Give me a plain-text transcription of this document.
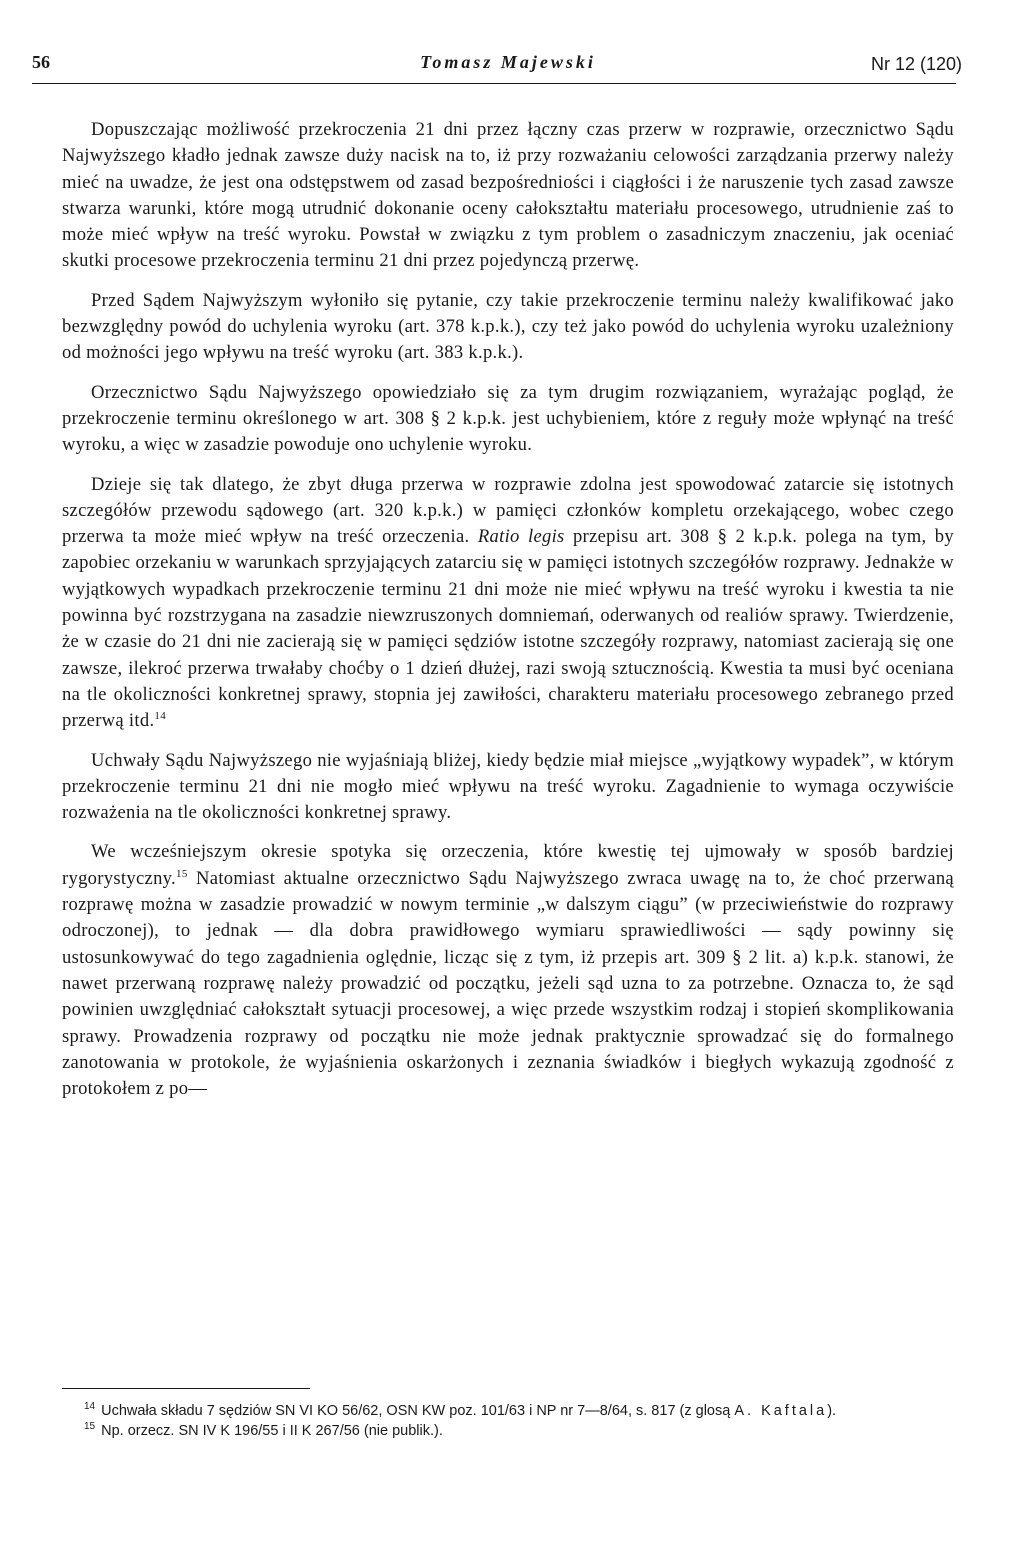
56	Tomasz Majewski	Nr 12 (120)

Dopuszczając możliwość przekroczenia 21 dni przez łączny czas przerw w rozprawie, orzecznictwo Sądu Najwyższego kładło jednak zawsze duży nacisk na to, iż przy rozważaniu celowości zarządzania przerwy należy mieć na uwadze, że jest ona odstępstwem od zasad bezpośredniości i ciągłości i że naruszenie tych zasad zawsze stwarza warunki, które mogą utrudnić dokonanie oceny całokształtu materiału procesowego, utrudnienie zaś to może mieć wpływ na treść wyroku. Powstał w związku z tym problem o zasadniczym znaczeniu, jak oceniać skutki procesowe przekroczenia terminu 21 dni przez pojedynczą przerwę.

Przed Sądem Najwyższym wyłoniło się pytanie, czy takie przekroczenie terminu należy kwalifikować jako bezwzględny powód do uchylenia wyroku (art. 378 k.p.k.), czy też jako powód do uchylenia wyroku uzależniony od możności jego wpływu na treść wyroku (art. 383 k.p.k.).

Orzecznictwo Sądu Najwyższego opowiedziało się za tym drugim rozwiązaniem, wyrażając pogląd, że przekroczenie terminu określonego w art. 308 § 2 k.p.k. jest uchybieniem, które z reguły może wpłynąć na treść wyroku, a więc w zasadzie powoduje ono uchylenie wyroku.

Dzieje się tak dlatego, że zbyt długa przerwa w rozprawie zdolna jest spowodować zatarcie się istotnych szczegółów przewodu sądowego (art. 320 k.p.k.) w pamięci członków kompletu orzekającego, wobec czego przerwa ta może mieć wpływ na treść orzeczenia. Ratio legis przepisu art. 308 § 2 k.p.k. polega na tym, by zapobiec orzekaniu w warunkach sprzyjających zatarciu się w pamięci istotnych szczegółów rozprawy. Jednakże w wyjątkowych wypadkach przekroczenie terminu 21 dni może nie mieć wpływu na treść wyroku i kwestia ta nie powinna być rozstrzygana na zasadzie niewzruszonych domniemań, oderwanych od realiów sprawy. Twierdzenie, że w czasie do 21 dni nie zacierają się w pamięci sędziów istotne szczegóły rozprawy, natomiast zacierają się one zawsze, ilekroć przerwa trwałaby choćby o 1 dzień dłużej, razi swoją sztucznością. Kwestia ta musi być oceniana na tle okoliczności konkretnej sprawy, stopnia jej zawiłości, charakteru materiału procesowego zebranego przed przerwą itd.$^{14}$

Uchwały Sądu Najwyższego nie wyjaśniają bliżej, kiedy będzie miał miejsce „wyjątkowy wypadek”, w którym przekroczenie terminu 21 dni nie mogło mieć wpływu na treść wyroku. Zagadnienie to wymaga oczywiście rozważenia na tle okoliczności konkretnej sprawy.

We wcześniejszym okresie spotyka się orzeczenia, które kwestię tej ujmowały w sposób bardziej rygorystyczny.$^{15}$ Natomiast aktualne orzecznictwo Sądu Najwyższego zwraca uwagę na to, że choć przerwaną rozprawę można w zasadzie prowadzić w nowym terminie „w dalszym ciągu” (w przeciwieństwie do rozprawy odroczonej), to jednak — dla dobra prawidłowego wymiaru sprawiedliwości — sądy powinny się ustosunkowywać do tego zagadnienia oględnie, licząc się z tym, iż przepis art. 309 § 2 lit. a) k.p.k. stanowi, że nawet przerwaną rozprawę należy prowadzić od początku, jeżeli sąd uzna to za potrzebne. Oznacza to, że sąd powinien uwzględniać całokształt sytuacji procesowej, a więc przede wszystkim rodzaj i stopień skomplikowania sprawy. Prowadzenia rozprawy od początku nie może jednak praktycznie sprowadzać się do formalnego zanotowania w protokole, że wyjaśnienia oskarżonych i zeznania świadków i biegłych wykazują zgodność z protokołem z po—

$^{14}$ Uchwała składu 7 sędziów SN VI KO 56/62, OSN KW poz. 101/63 i NP nr 7—8/64, s. 817 (z glosą A. Kaftala).

$^{15}$ Np. orzecz. SN IV K 196/55 i II K 267/56 (nie publik.).
